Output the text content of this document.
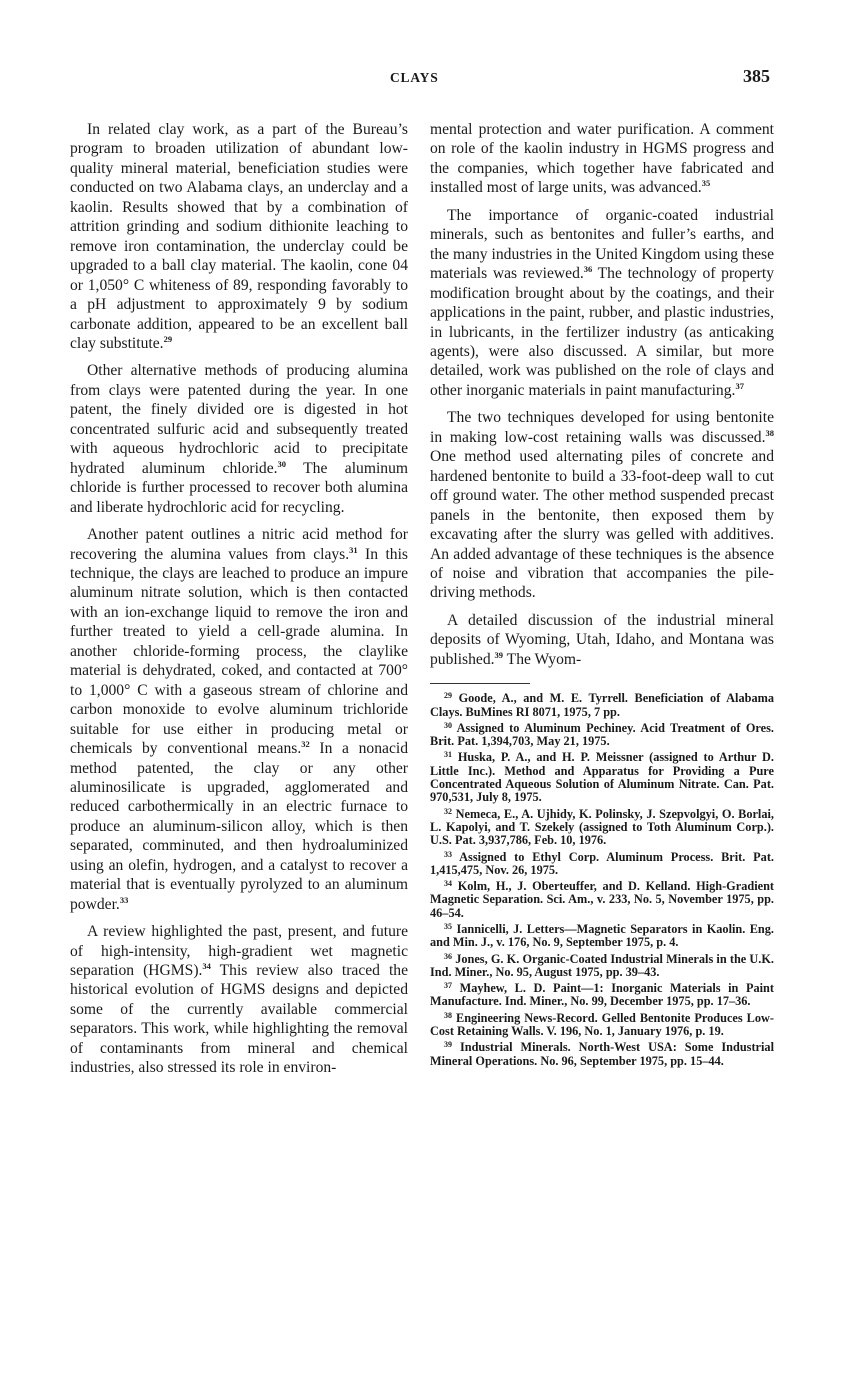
CLAYS	385

In related clay work, as a part of the Bureau’s program to broaden utilization of abundant low-quality mineral material, beneficiation studies were conducted on two Alabama clays, an underclay and a kaolin. Results showed that by a combination of attrition grinding and sodium dithionite leaching to remove iron contamination, the underclay could be upgraded to a ball clay material. The kaolin, cone 04 or 1,050° C whiteness of 89, responding favorably to a pH adjustment to approximately 9 by sodium carbonate addition, appeared to be an excellent ball clay substitute.$^{29}$

Other alternative methods of producing alumina from clays were patented during the year. In one patent, the finely divided ore is digested in hot concentrated sulfuric acid and subsequently treated with aqueous hydrochloric acid to precipitate hydrated aluminum chloride.$^{30}$ The aluminum chloride is further processed to recover both alumina and liberate hydrochloric acid for recycling.

Another patent outlines a nitric acid method for recovering the alumina values from clays.$^{31}$ In this technique, the clays are leached to produce an impure aluminum nitrate solution, which is then contacted with an ion-exchange liquid to remove the iron and further treated to yield a cell-grade alumina. In another chloride-forming process, the claylike material is dehydrated, coked, and contacted at 700° to 1,000° C with a gaseous stream of chlorine and carbon monoxide to evolve aluminum trichloride suitable for use either in producing metal or chemicals by conventional means.$^{32}$ In a nonacid method patented, the clay or any other aluminosilicate is upgraded, agglomerated and reduced carbothermically in an electric furnace to produce an aluminum-silicon alloy, which is then separated, comminuted, and then hydroaluminized using an olefin, hydrogen, and a catalyst to recover a material that is eventually pyrolyzed to an aluminum powder.$^{33}$

A review highlighted the past, present, and future of high-intensity, high-gradient wet magnetic separation (HGMS).$^{34}$ This review also traced the historical evolution of HGMS designs and depicted some of the currently available commercial separators. This work, while highlighting the removal of contaminants from mineral and chemical industries, also stressed its role in environ-

mental protection and water purification. A comment on role of the kaolin industry in HGMS progress and the companies, which together have fabricated and installed most of large units, was advanced.$^{35}$

The importance of organic-coated industrial minerals, such as bentonites and fuller’s earths, and the many industries in the United Kingdom using these materials was reviewed.$^{36}$ The technology of property modification brought about by the coatings, and their applications in the paint, rubber, and plastic industries, in lubricants, in the fertilizer industry (as anticaking agents), were also discussed. A similar, but more detailed, work was published on the role of clays and other inorganic materials in paint manufacturing.$^{37}$

The two techniques developed for using bentonite in making low-cost retaining walls was discussed.$^{38}$ One method used alternating piles of concrete and hardened bentonite to build a 33-foot-deep wall to cut off ground water. The other method suspended precast panels in the bentonite, then exposed them by excavating after the slurry was gelled with additives. An added advantage of these techniques is the absence of noise and vibration that accompanies the pile-driving methods.

A detailed discussion of the industrial mineral deposits of Wyoming, Utah, Idaho, and Montana was published.$^{39}$ The Wyom-

$^{29}$ Goode, A., and M. E. Tyrrell. Beneficiation of Alabama Clays. BuMines RI 8071, 1975, 7 pp.
$^{30}$ Assigned to Aluminum Pechiney. Acid Treatment of Ores. Brit. Pat. 1,394,703, May 21, 1975.
$^{31}$ Huska, P. A., and H. P. Meissner (assigned to Arthur D. Little Inc.). Method and Apparatus for Providing a Pure Concentrated Aqueous Solution of Aluminum Nitrate. Can. Pat. 970,531, July 8, 1975.
$^{32}$ Nemeca, E., A. Ujhidy, K. Polinsky, J. Szepvolgyi, O. Borlai, L. Kapolyi, and T. Szekely (assigned to Toth Aluminum Corp.). U.S. Pat. 3,937,786, Feb. 10, 1976.
$^{33}$ Assigned to Ethyl Corp. Aluminum Process. Brit. Pat. 1,415,475, Nov. 26, 1975.
$^{34}$ Kolm, H., J. Oberteuffer, and D. Kelland. High-Gradient Magnetic Separation. Sci. Am., v. 233, No. 5, November 1975, pp. 46–54.
$^{35}$ Iannicelli, J. Letters—Magnetic Separators in Kaolin. Eng. and Min. J., v. 176, No. 9, September 1975, p. 4.
$^{36}$ Jones, G. K. Organic-Coated Industrial Minerals in the U.K. Ind. Miner., No. 95, August 1975, pp. 39–43.
$^{37}$ Mayhew, L. D. Paint—1: Inorganic Materials in Paint Manufacture. Ind. Miner., No. 99, December 1975, pp. 17–36.
$^{38}$ Engineering News-Record. Gelled Bentonite Produces Low-Cost Retaining Walls. V. 196, No. 1, January 1976, p. 19.
$^{39}$ Industrial Minerals. North-West USA: Some Industrial Mineral Operations. No. 96, September 1975, pp. 15–44.
